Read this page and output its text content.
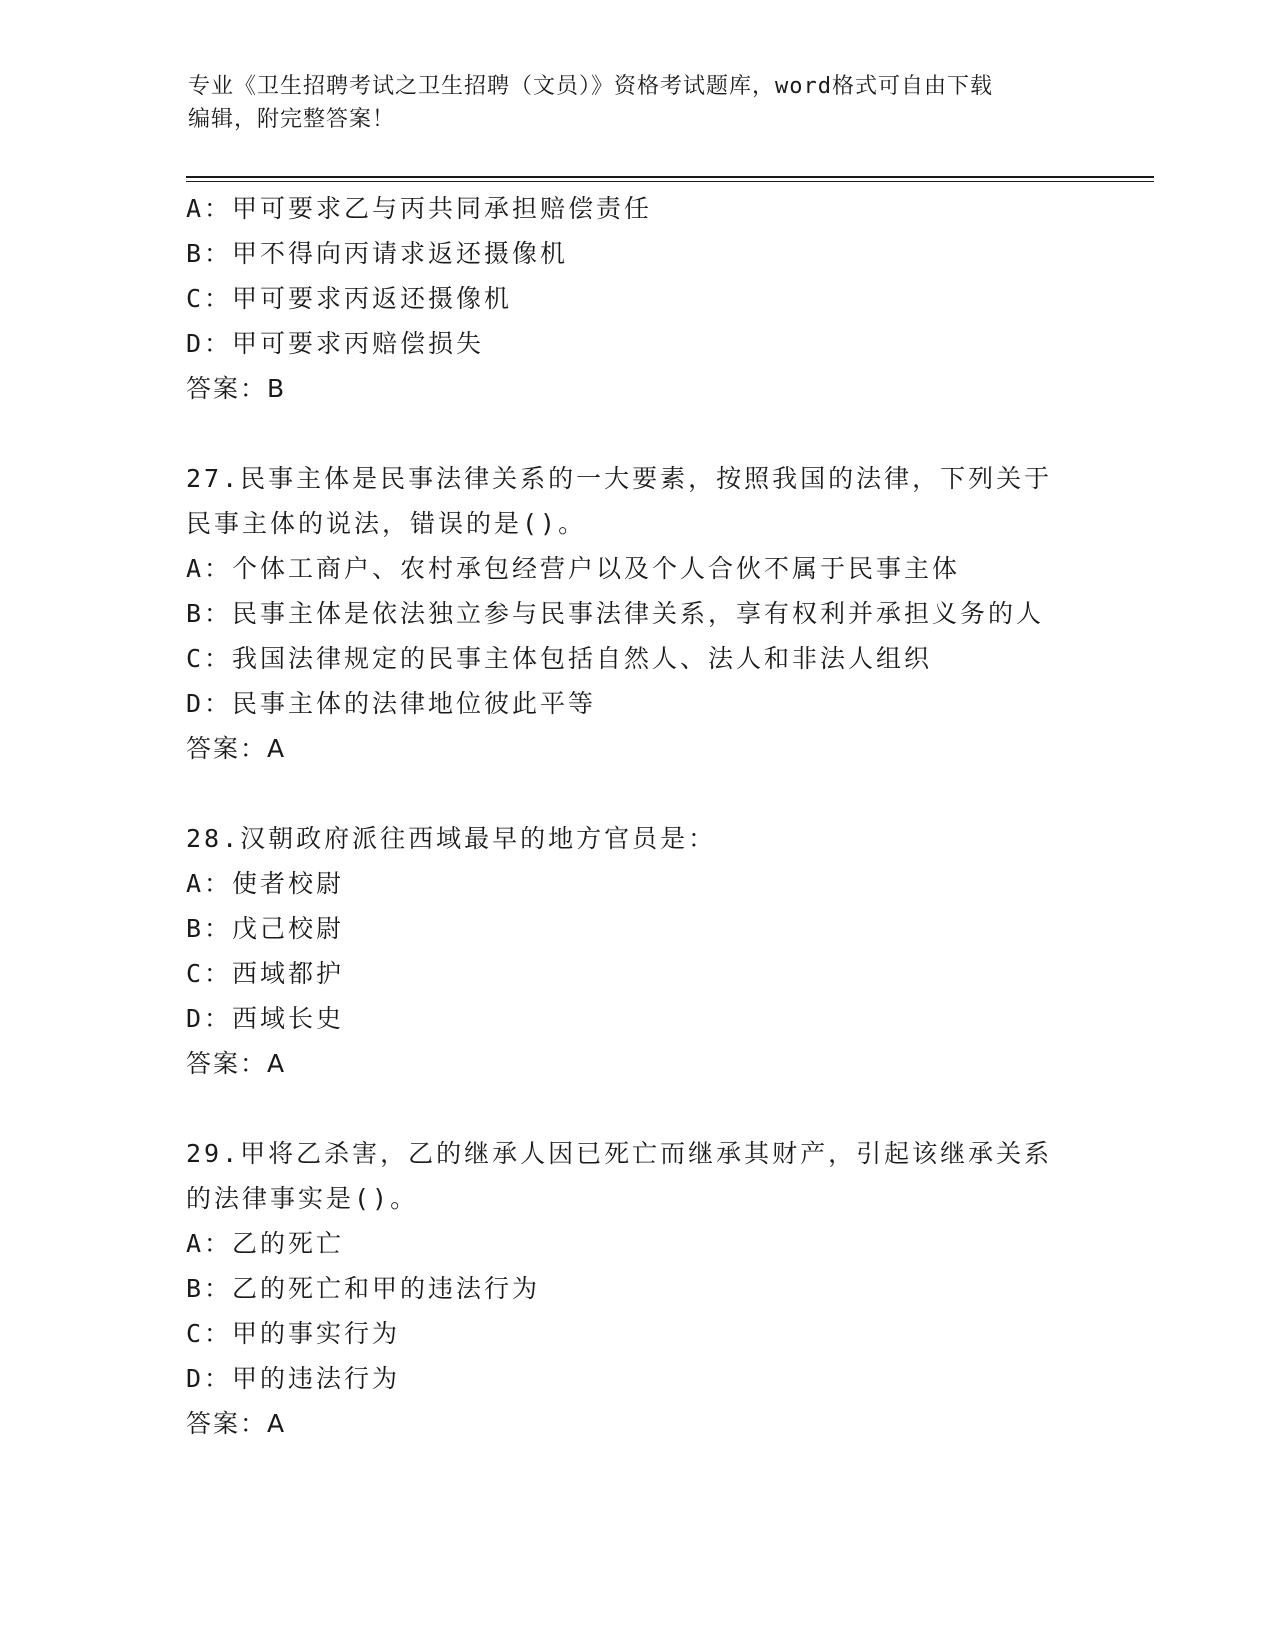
专业《卫生招聘考试之卫生招聘（文员）》资格考试题库，word格式可自由下载
编辑，附完整答案！
A：甲可要求乙与丙共同承担赔偿责任
B：甲不得向丙请求返还摄像机
C：甲可要求丙返还摄像机
D：甲可要求丙赔偿损失
答案：B
27.民事主体是民事法律关系的一大要素，按照我国的法律，下列关于
民事主体的说法，错误的是()。
A：个体工商户、农村承包经营户以及个人合伙不属于民事主体
B：民事主体是依法独立参与民事法律关系，享有权利并承担义务的人
C：我国法律规定的民事主体包括自然人、法人和非法人组织
D：民事主体的法律地位彼此平等
答案：A
28.汉朝政府派往西域最早的地方官员是：
A：使者校尉
B：戊己校尉
C：西域都护
D：西域长史
答案：A
29.甲将乙杀害，乙的继承人因已死亡而继承其财产，引起该继承关系
的法律事实是()。
A：乙的死亡
B：乙的死亡和甲的违法行为
C：甲的事实行为
D：甲的违法行为
答案：A
